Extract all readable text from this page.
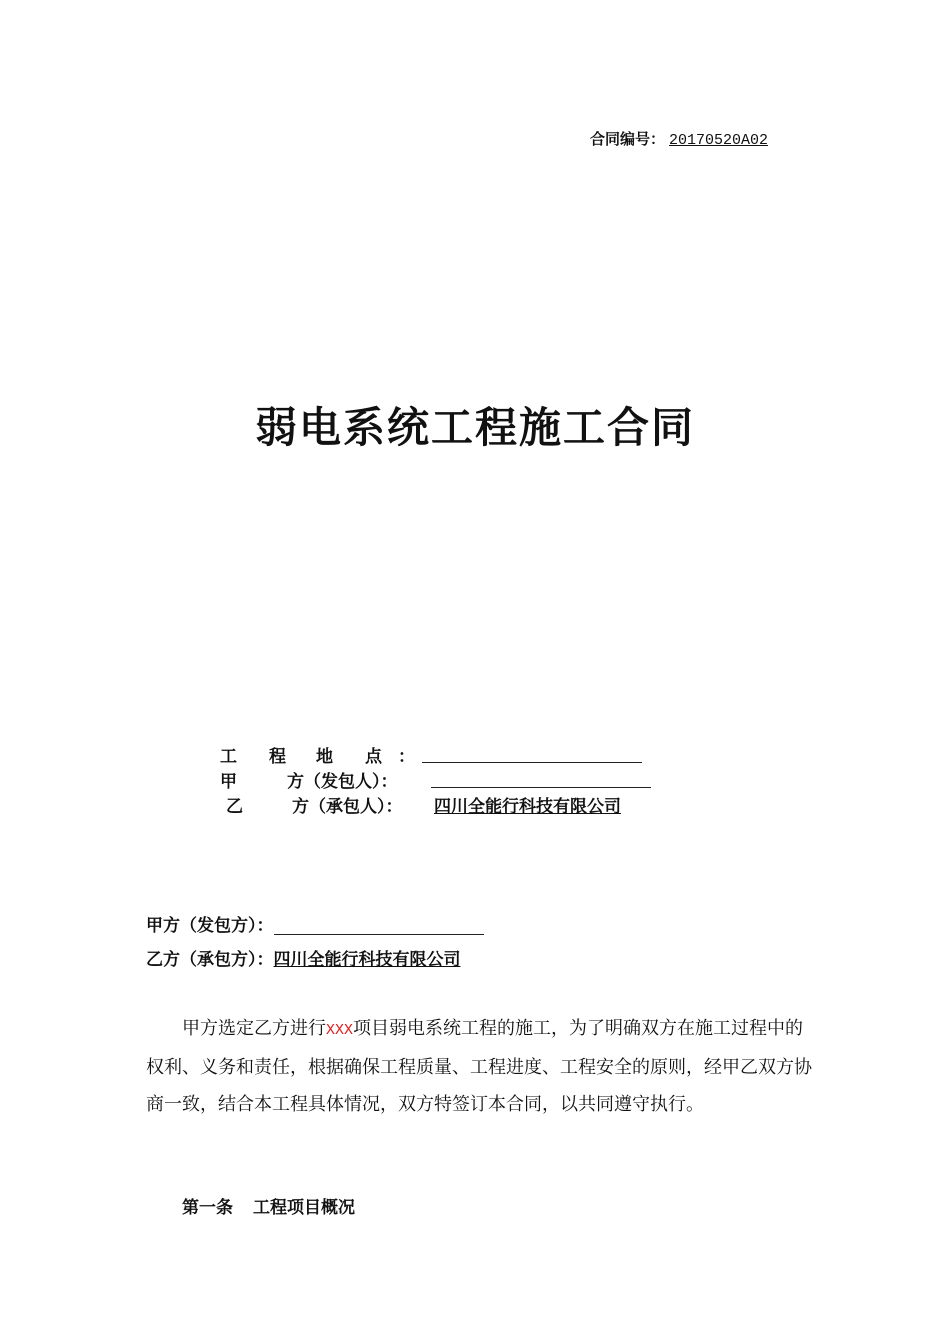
合同编号： 20170520A02
弱电系统工程施工合同
工 程 地 点 ：
甲	方（发包人）：
乙	方（承包人）： 四川全能行科技有限公司
甲方（发包方）：
乙方（承包方）：四川全能行科技有限公司
甲方选定乙方进行XXX项目弱电系统工程的施工，为了明确双方在施工过程中的权利、义务和责任，根据确保工程质量、工程进度、工程安全的原则，经甲乙双方协商一致，结合本工程具体情况，双方特签订本合同，以共同遵守执行。
第一条 工程项目概况
